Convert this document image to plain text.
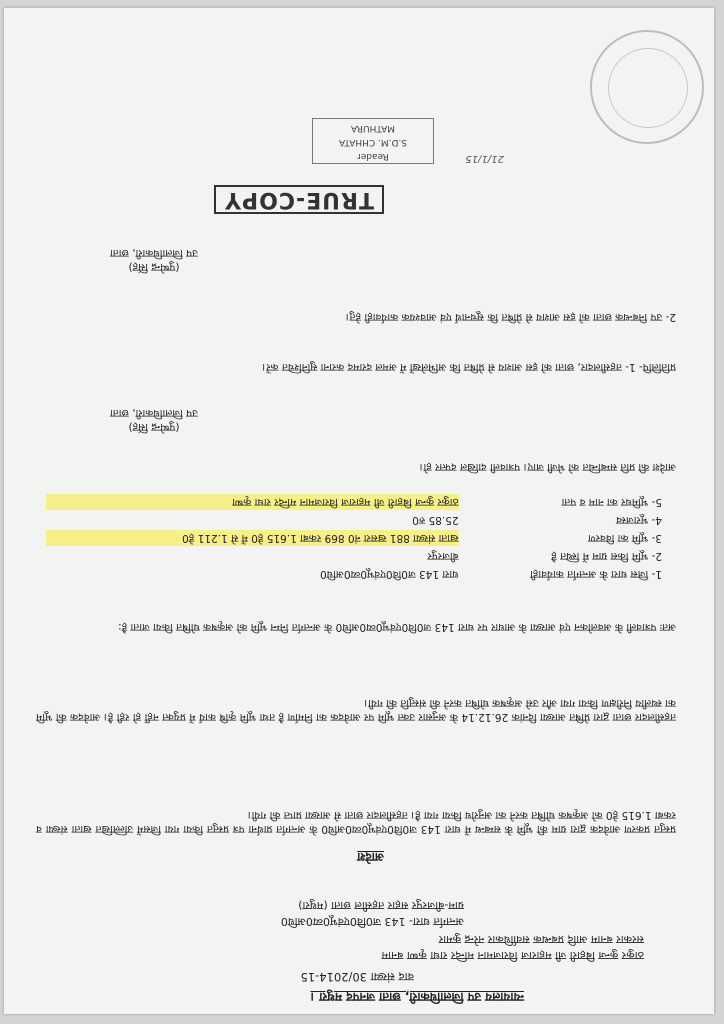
न्यायालय उप जिलाधिकारी, छाता जनपद मथुरा ।
वाद संख्या 30/2014-15
ठाकुर कुन्ज बिहारी जी महाराज विराजमान मन्दिर राधा कृष्ण बनाम
सरकार बनाम आदि प्रबन्धक सर्वाधिकार नरेन्द्र कुमार
अन्तर्गत धारा- 143 ज0वि0एवंभू0व्य0अधि0
ग्राम-बीजरपुर सहार तहसील छाता (मथुरा)
आदेश
प्रस्तुत प्रकरण आवेदक द्वारा ग्राम की भूमि के सम्बन्ध में धारा 143 ज0वि0एवंभू0व्य0अधि0 के अन्तर्गत प्रार्थना पत्र प्रस्तुत किया गया जिसमें उल्लिखित खाता संख्या व रकबा 1.615 हे0 को अकृषक घोषित करने का अनुरोध किया गया है। तहसीलदार छाता से आख्या प्राप्त की गयी।
तहसीलदार छाता द्वारा प्रेषित आख्या दिनांक 26.12.14 के अनुसार उक्त भूमि पर आवेदक का निर्माण है तथा भूमि कृषि कार्य में प्रयुक्त नहीं हो रही है। आवेदक की भूमि का स्थलीय निरीक्षण किया गया और उसे अकृषक घोषित करने की संस्तुति की गयी।
अतः पत्रावली के अवलोकन एवं आख्या के आधार पर धारा 143 ज0वि0एवंभू0व्य0अधि0 के अन्तर्गत निम्न भूमि को अकृषक घोषित किया जाता है:
1- जिस धारा के अन्तर्गत कार्यवाही	धारा 143 ज0वि0एवंभू0व्य0अधि0
2- भूमि किस ग्राम में स्थित है	बीजरपुर
3- भूमि का विवरण	खाता संख्या 881 खसरा नं0 869 रकबा 1.615 हे0 में से 1.211 हे0
4- भूराजस्व	25.85 रु0
5- भूमिधर का नाम व पता	ठाकुर कुन्ज बिहारी जी महाराज विराजमान मन्दिर राधा कृष्ण
आदेश की प्रति सम्बन्धित को भेजी जाए। पत्रावली दाखिल दफ्तर हो।
(पुष्पेन्द्र सिंह)
उप जिलाधिकारी, छाता
प्रतिलिपि- 1- तहसीलदार, छाता को इस आशय से प्रेषित कि अभिलेखों में अमल दरामद कराना सुनिश्चित करें।
2- उप निबन्धक छाता को इस आशय से प्रेषित कि सूचनार्थ एवं आवश्यक कार्यवाही हेतु।
(पुष्पेन्द्र सिंह)
उप जिलाधिकारी, छाता
TRUE-COPY
Reader
S.D.M. CHHATA
MATHURA
21/1/15
